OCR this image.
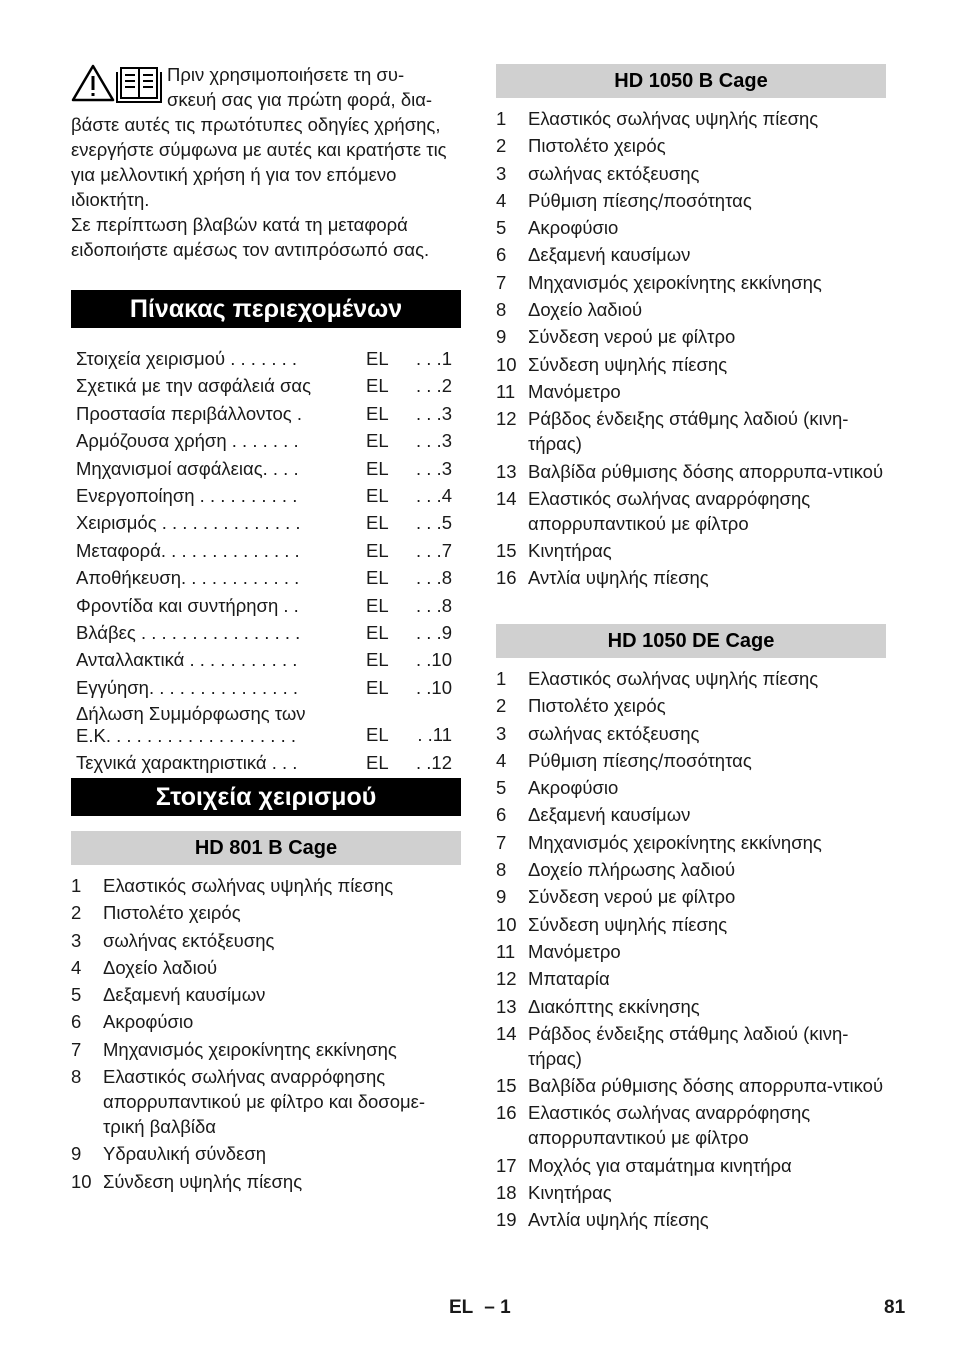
Πριν χρησιμοποιήσετε τη συ-
σκευή σας για πρώτη φορά, δια-
βάστε αυτές τις πρωτότυπες οδηγίες χρήσης, ενεργήστε σύμφωνα με αυτές και κρατήστε τις για μελλοντική χρήση ή για τον επόμενο ιδιοκτήτη.

Σε περίπτωση βλαβών κατά τη μεταφορά ειδοποιήστε αμέσως τον αντιπρόσωπό σας.

Πίνακας περιεχομένων
Στοιχεία χειρισμού . . . . . . .	EL . . .1
Σχετικά με την ασφάλειά σας	EL . . .2
Προστασία περιβάλλοντος .	EL . . .3
Αρμόζουσα χρήση . . . . . . .	EL . . .3
Μηχανισμοί ασφάλειας. . . .	EL . . .3
Ενεργοποίηση . . . . . . . . . .	EL . . .4
Χειρισμός . . . . . . . . . . . . . .	EL . . .5
Μεταφορά. . . . . . . . . . . . . .	EL . . .7
Αποθήκευση. . . . . . . . . . . .	EL . . .8
Φροντίδα και συντήρηση . .	EL . . .8
Βλάβες . . . . . . . . . . . . . . . .	EL . . .9
Ανταλλακτικά . . . . . . . . . . .	EL . .10
Εγγύηση. . . . . . . . . . . . . . .	EL . .10
Δήλωση Συμμόρφωσης των Ε.Κ. . . . . . . . . . . . . . . . . . .	EL . .11
Τεχνικά χαρακτηριστικά . . .	EL . .12
Στοιχεία χειρισμού
HD 801 B Cage
HD 1050 B Cage
HD 1050 DE Cage
1	Ελαστικός σωλήνας υψηλής πίεσης
2	Πιστολέτο χειρός
3	σωλήνας εκτόξευσης
4	Δοχείο λαδιού
5	Δεξαμενή καυσίμων
6	Ακροφύσιο
7	Μηχανισμός χειροκίνητης εκκίνησης
8	Ελαστικός σωλήνας αναρρόφησης απορρυπαντικού με φίλτρο και δοσομε-τρική βαλβίδα
9	Υδραυλική σύνδεση
10 Σύνδεση υψηλής πίεσης
1	Ελαστικός σωλήνας υψηλής πίεσης
2	Πιστολέτο χειρός
3	σωλήνας εκτόξευσης
4	Ρύθμιση πίεσης/ποσότητας
5	Ακροφύσιο
6	Δεξαμενή καυσίμων
7	Μηχανισμός χειροκίνητης εκκίνησης
8	Δοχείο λαδιού
9	Σύνδεση νερού με φίλτρο
10 Σύνδεση υψηλής πίεσης
11 Μανόμετρο
12 Ράβδος ένδειξης στάθμης λαδιού (κινη-τήρας)
13 Βαλβίδα ρύθμισης δόσης απορρυπα-ντικού
14 Ελαστικός σωλήνας αναρρόφησης απορρυπαντικού με φίλτρο
15 Κινητήρας
16 Αντλία υψηλής πίεσης
1	Ελαστικός σωλήνας υψηλής πίεσης
2	Πιστολέτο χειρός
3	σωλήνας εκτόξευσης
4	Ρύθμιση πίεσης/ποσότητας
5	Ακροφύσιο
6	Δεξαμενή καυσίμων
7	Μηχανισμός χειροκίνητης εκκίνησης
8	Δοχείο πλήρωσης λαδιού
9	Σύνδεση νερού με φίλτρο
10 Σύνδεση υψηλής πίεσης
11 Μανόμετρο
12 Μπαταρία
13 Διακόπτης εκκίνησης
14 Ράβδος ένδειξης στάθμης λαδιού (κινη-τήρας)
15 Βαλβίδα ρύθμισης δόσης απορρυπα-ντικού
16 Ελαστικός σωλήνας αναρρόφησης απορρυπαντικού με φίλτρο
17 Μοχλός για σταμάτημα κινητήρα
18 Κινητήρας
19 Αντλία υψηλής πίεσης
EL – 1	81
